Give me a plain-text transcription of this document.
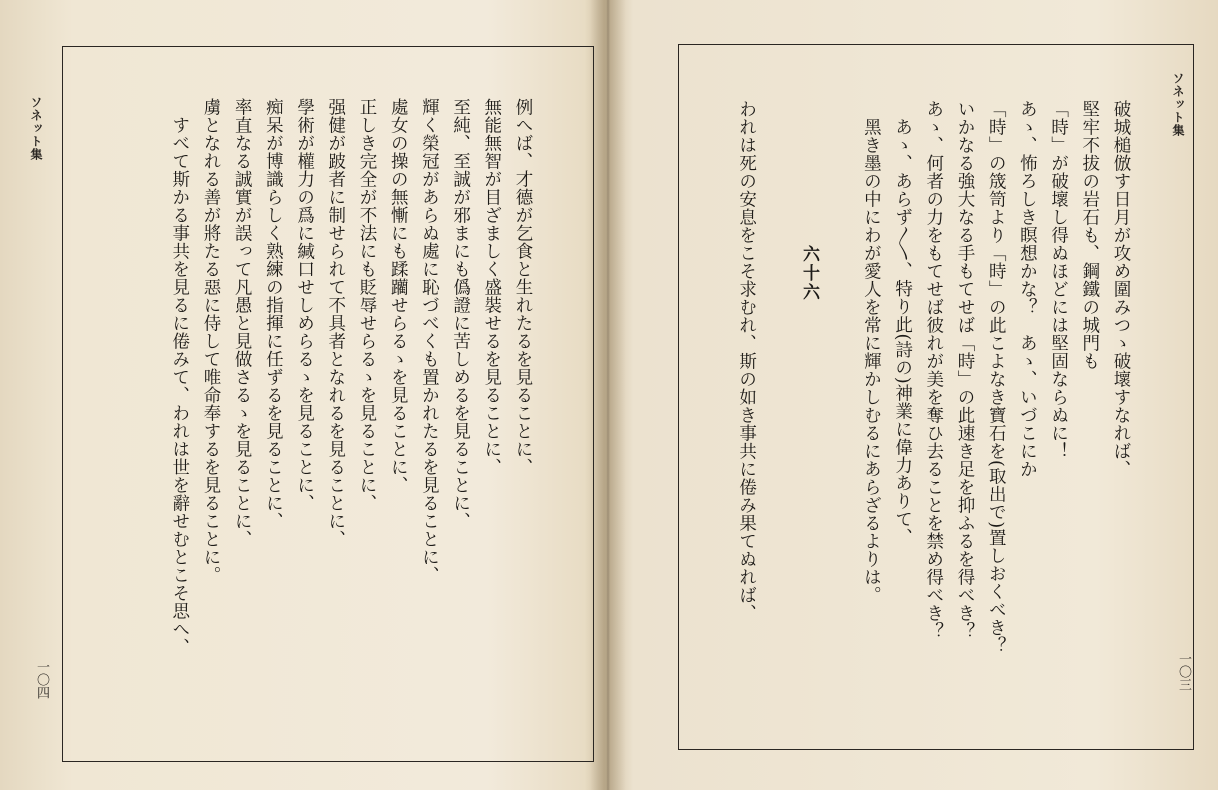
ソネット集
一〇四
例へば、才德が乞食と生れたるを見ることに、
無能無智が目ざましく盛裝せるを見ることに、
至純、至誠が邪まにも僞證に苦しめるを見ることに、
輝く榮冠があらぬ處に恥づべくも置かれたるを見ることに、
處女の操の無慚にも蹂躪せらるゝを見ることに、
正しき完全が不法にも貶辱せらるゝを見ることに、
强健が跛者に制せられて不具者となれるを見ることに、
學術が權力の爲に緘口せしめらるゝを見ることに、
痴呆が博識らしく熟練の指揮に任ずるを見ることに、
率直なる誠實が誤って凡愚と見做さるゝを見ることに、
虜となれる善が將たる惡に侍して唯命奉するを見ることに。
すべて斯かる事共を見るに倦みて、われは世を辭せむとこそ思へ、
ソネット集
一〇三
破城槌倣す日月が攻め圍みつゝ破壞すなれば、
堅牢不拔の岩石も、鋼鐵の城門も
「時」が破壞し得ぬほどには堅固ならぬに！
あゝ、怖ろしき瞑想かな？　あゝ、いづこにか
「時」の筬笥より「時」の此こよなき寶石を(取出で)置しおくべき？
いかなる強大なる手もてせば「時」の此速き足を抑ふるを得べき？
あゝ、何者の力をもてせば彼れが美を奪ひ去ることを禁め得べき？
あゝ、あらず〳〵、特り此(詩の)神業に偉力ありて、
黑き墨の中にわが愛人を常に輝かしむるにあらざるよりは。
六十六
われは死の安息をこそ求むれ、斯の如き事共に倦み果てぬれば、
